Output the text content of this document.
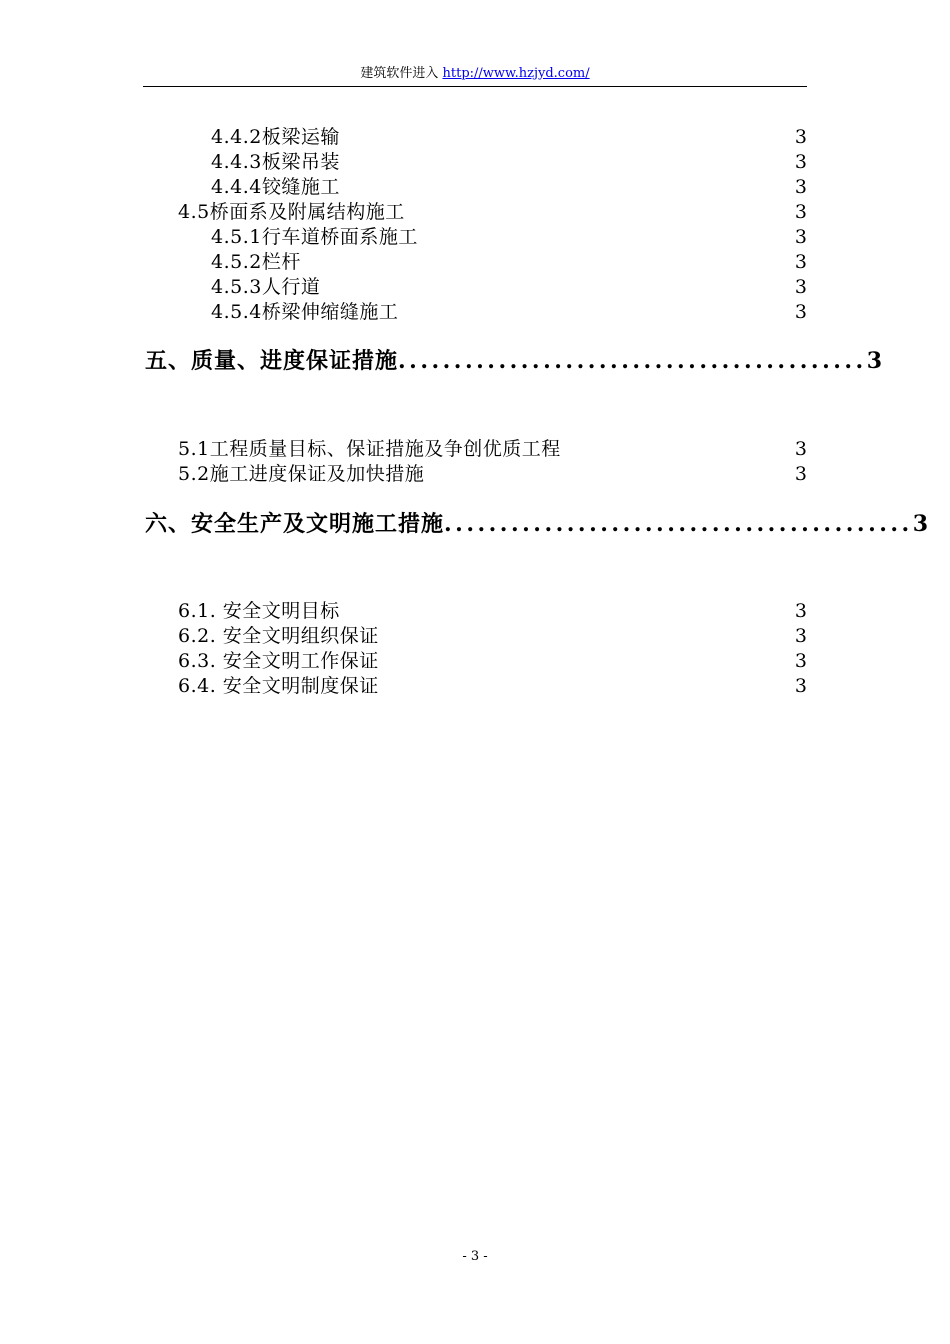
建筑软件进入 http://www.hzjyd.com/
4.4.2板梁运输	3
4.4.3板梁吊装	3
4.4.4铰缝施工	3
4.5桥面系及附属结构施工	3
4.5.1行车道桥面系施工	3
4.5.2栏杆	3
4.5.3人行道	3
4.5.4桥梁伸缩缝施工	3
五、质量、进度保证措施 .......................................... 3
5.1工程质量目标、保证措施及争创优质工程	3
5.2施工进度保证及加快措施	3
六、安全生产及文明施工措施 .......................................... 3
6.1. 安全文明目标	3
6.2. 安全文明组织保证	3
6.3. 安全文明工作保证	3
6.4. 安全文明制度保证	3
- 3 -
